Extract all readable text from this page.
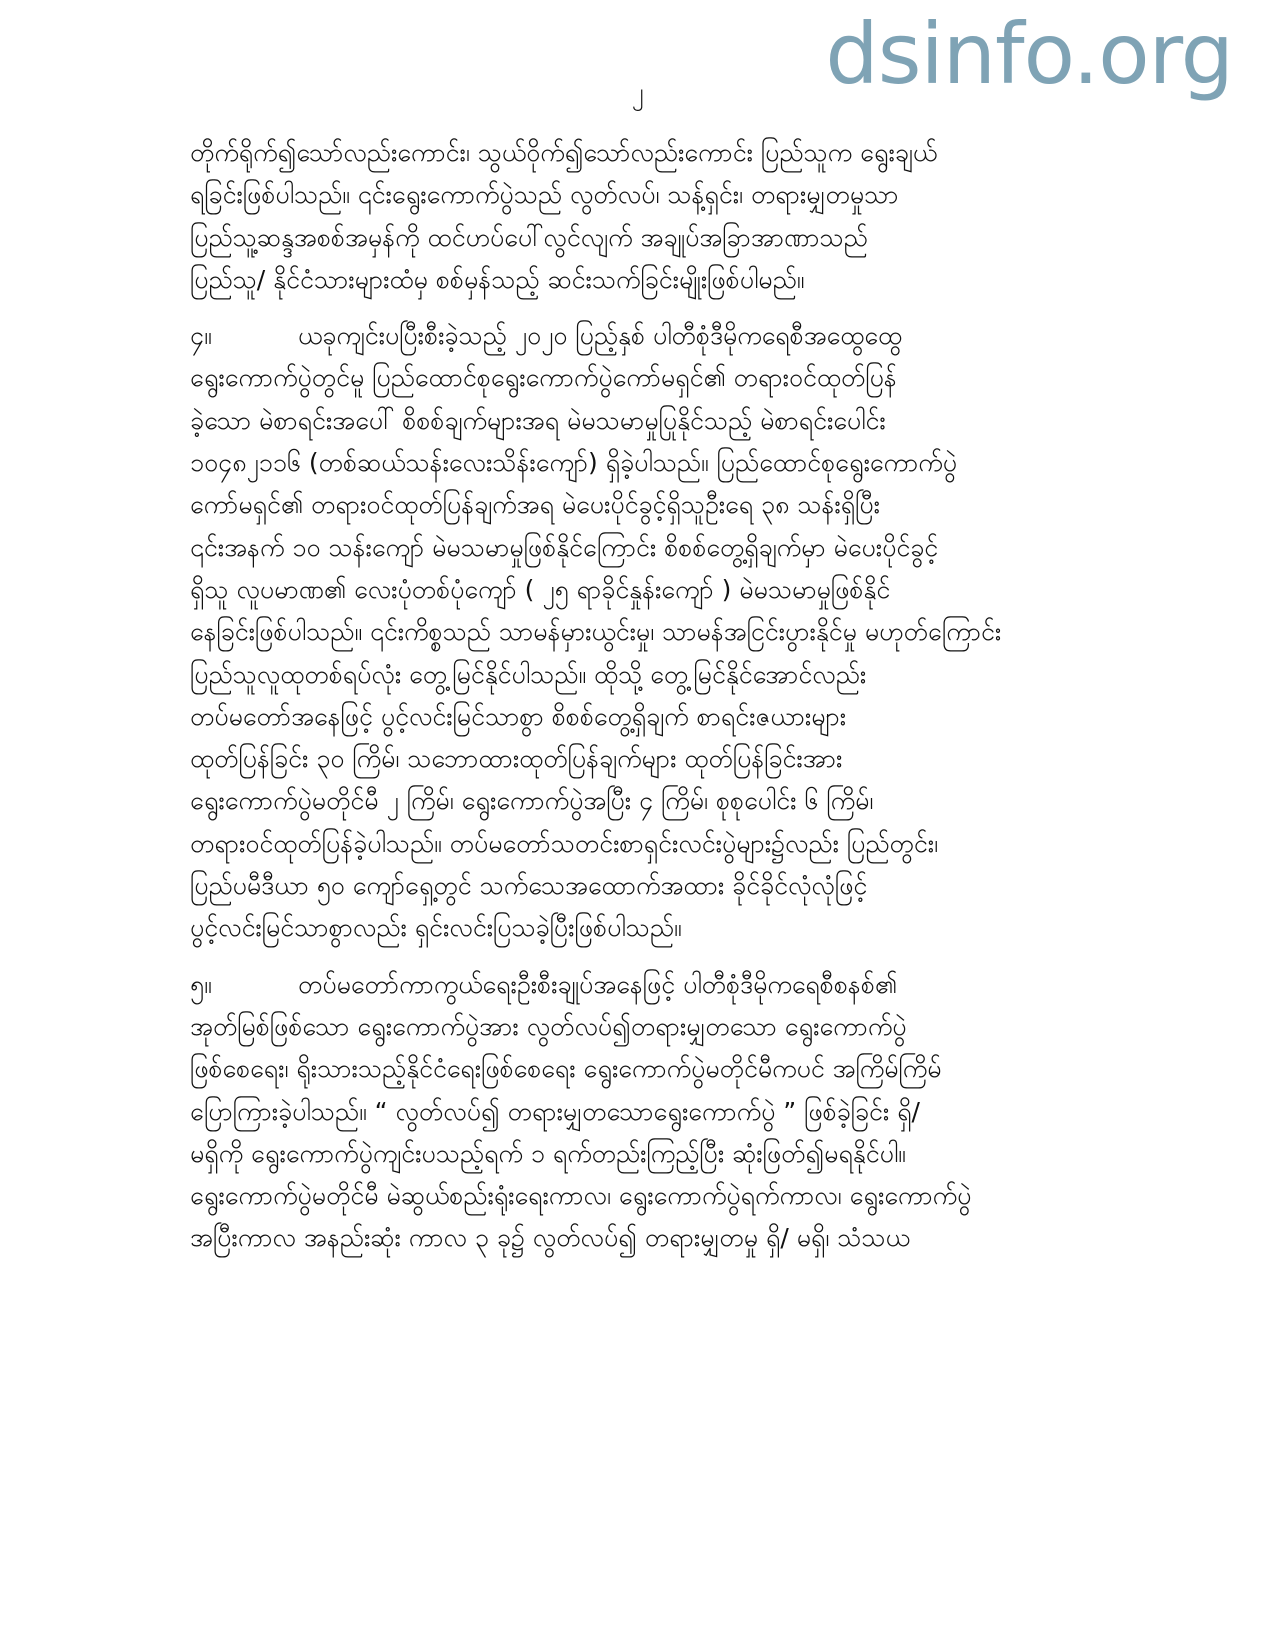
dsinfo.org
၂

တိုက်ရိုက်၍သော်လည်းကောင်း၊ သွယ်ဝိုက်၍သော်လည်းကောင်း ပြည်သူက ရွေးချယ်
ရခြင်းဖြစ်ပါသည်။ ၎င်းရွေးကောက်ပွဲသည် လွတ်လပ်၊ သန့်ရှင်း၊ တရားမျှတမှုသာ
ပြည်သူ့ဆန္ဒအစစ်အမှန်ကို ထင်ဟပ်ပေါ်လွင်လျက် အချုပ်အခြာအာဏာသည်
ပြည်သူ/ နိုင်ငံသားများထံမှ စစ်မှန်သည့် ဆင်းသက်ခြင်းမျိုးဖြစ်ပါမည်။

၄။	ယခုကျင်းပပြီးစီးခဲ့သည့် ၂၀၂၀ ပြည့်နှစ် ပါတီစုံဒီမိုကရေစီအထွေထွေ
ရွေးကောက်ပွဲတွင်မူ ပြည်ထောင်စုရွေးကောက်ပွဲကော်မရှင်၏ တရားဝင်ထုတ်ပြန်
ခဲ့သော မဲစာရင်းအပေါ် စိစစ်ချက်များအရ မဲမသမာမှုပြုနိုင်သည့် မဲစာရင်းပေါင်း
၁၀၄၈၂၁၁၆ (တစ်ဆယ်သန်းလေးသိန်းကျော်) ရှိခဲ့ပါသည်။ ပြည်ထောင်စုရွေးကောက်ပွဲ
ကော်မရှင်၏ တရားဝင်ထုတ်ပြန်ချက်အရ မဲပေးပိုင်ခွင့်ရှိသူဦးရေ ၃၈ သန်းရှိပြီး
၎င်းအနက် ၁၀ သန်းကျော် မဲမသမာမှုဖြစ်နိုင်ကြောင်း စိစစ်တွေ့ရှိချက်မှာ မဲပေးပိုင်ခွင့်
ရှိသူ လူပမာဏ၏ လေးပုံတစ်ပုံကျော် ( ၂၅ ရာခိုင်နှုန်းကျော် ) မဲမသမာမှုဖြစ်နိုင်
နေခြင်းဖြစ်ပါသည်။ ၎င်းကိစ္စသည် သာမန်မှားယွင်းမှု၊ သာမန်အငြင်းပွားနိုင်မှု မဟုတ်ကြောင်း
ပြည်သူလူထုတစ်ရပ်လုံး တွေ့မြင်နိုင်ပါသည်။ ထိုသို့ တွေ့မြင်နိုင်အောင်လည်း
တပ်မတော်အနေဖြင့် ပွင့်လင်းမြင်သာစွာ စိစစ်တွေ့ရှိချက် စာရင်းဇယားများ
ထုတ်ပြန်ခြင်း ၃၀ ကြိမ်၊ သဘောထားထုတ်ပြန်ချက်များ ထုတ်ပြန်ခြင်းအား
ရွေးကောက်ပွဲမတိုင်မီ ၂ ကြိမ်၊ ရွေးကောက်ပွဲအပြီး ၄ ကြိမ်၊ စုစုပေါင်း ၆ ကြိမ်၊
တရားဝင်ထုတ်ပြန်ခဲ့ပါသည်။ တပ်မတော်သတင်းစာရှင်းလင်းပွဲများ၌လည်း ပြည်တွင်း၊
ပြည်ပမီဒီယာ ၅၀ ကျော်ရှေ့တွင် သက်သေအထောက်အထား ခိုင်ခိုင်လုံလုံဖြင့်
ပွင့်လင်းမြင်သာစွာလည်း ရှင်းလင်းပြသခဲ့ပြီးဖြစ်ပါသည်။

၅။	တပ်မတော်ကာကွယ်ရေးဦးစီးချုပ်အနေဖြင့် ပါတီစုံဒီမိုကရေစီစနစ်၏
အုတ်မြစ်ဖြစ်သော ရွေးကောက်ပွဲအား လွတ်လပ်၍တရားမျှတသော ရွေးကောက်ပွဲ
ဖြစ်စေရေး၊ ရိုးသားသည့်နိုင်ငံရေးဖြစ်စေရေး ရွေးကောက်ပွဲမတိုင်မီကပင် အကြိမ်ကြိမ်
ပြောကြားခဲ့ပါသည်။ “ လွတ်လပ်၍ တရားမျှတသောရွေးကောက်ပွဲ ” ဖြစ်ခဲ့ခြင်း ရှိ/
မရှိကို ရွေးကောက်ပွဲကျင်းပသည့်ရက် ၁ ရက်တည်းကြည့်ပြီး ဆုံးဖြတ်၍မရနိုင်ပါ။
ရွေးကောက်ပွဲမတိုင်မီ မဲဆွယ်စည်းရုံးရေးကာလ၊ ရွေးကောက်ပွဲရက်ကာလ၊ ရွေးကောက်ပွဲ
အပြီးကာလ အနည်းဆုံး ကာလ ၃ ခု၌ လွတ်လပ်၍ တရားမျှတမှု ရှိ/ မရှိ၊ သံသယ
